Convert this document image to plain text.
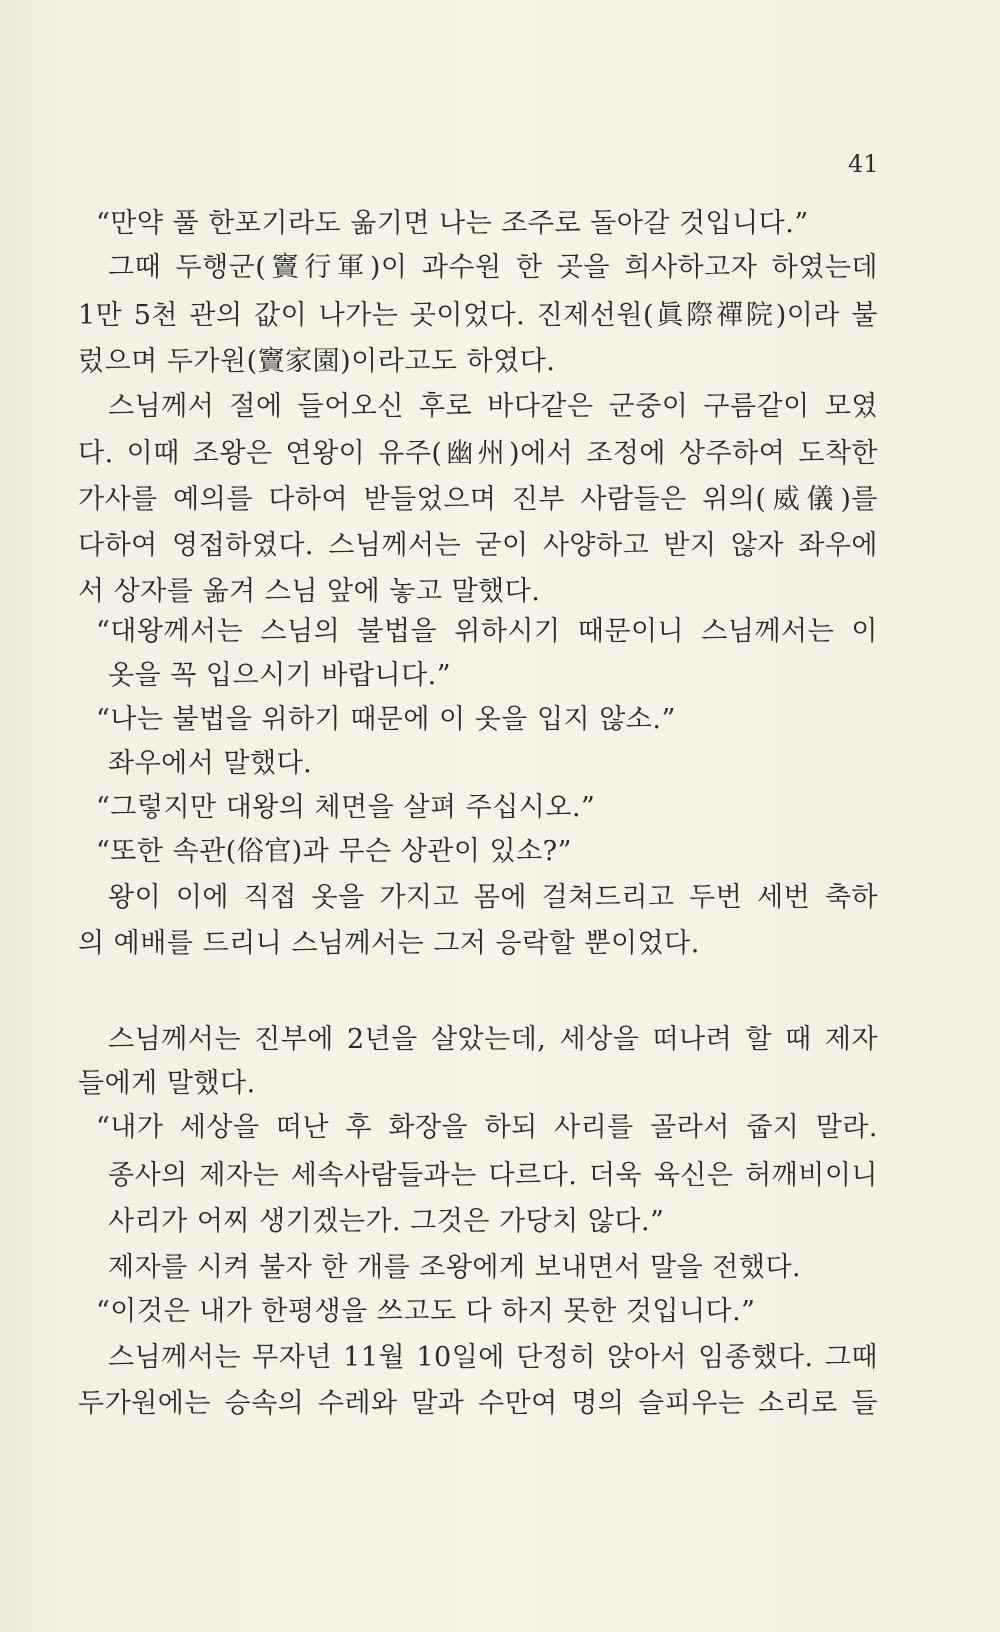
41
“만약 풀 한포기라도 옮기면 나는 조주로 돌아갈 것입니다.”
그때 두행군(竇行軍)이 과수원 한 곳을 희사하고자 하였는데
1만 5천 관의 값이 나가는 곳이었다. 진제선원(眞際禪院)이라 불
렀으며 두가원(竇家園)이라고도 하였다.
스님께서 절에 들어오신 후로 바다같은 군중이 구름같이 모였
다. 이때 조왕은 연왕이 유주(幽州)에서 조정에 상주하여 도착한
가사를 예의를 다하여 받들었으며 진부 사람들은 위의(威儀)를
다하여 영접하였다. 스님께서는 굳이 사양하고 받지 않자 좌우에
서 상자를 옮겨 스님 앞에 놓고 말했다.
“대왕께서는 스님의 불법을 위하시기 때문이니 스님께서는 이
옷을 꼭 입으시기 바랍니다.”
“나는 불법을 위하기 때문에 이 옷을 입지 않소.”
좌우에서 말했다.
“그렇지만 대왕의 체면을 살펴 주십시오.”
“또한 속관(俗官)과 무슨 상관이 있소?”
왕이 이에 직접 옷을 가지고 몸에 걸쳐드리고 두번 세번 축하
의 예배를 드리니 스님께서는 그저 응락할 뿐이었다.
스님께서는 진부에 2년을 살았는데, 세상을 떠나려 할 때 제자
들에게 말했다.
“내가 세상을 떠난 후 화장을 하되 사리를 골라서 줍지 말라.
종사의 제자는 세속사람들과는 다르다. 더욱 육신은 허깨비이니
사리가 어찌 생기겠는가. 그것은 가당치 않다.”
제자를 시켜 불자 한 개를 조왕에게 보내면서 말을 전했다.
“이것은 내가 한평생을 쓰고도 다 하지 못한 것입니다.”
스님께서는 무자년 11월 10일에 단정히 앉아서 임종했다. 그때
두가원에는 승속의 수레와 말과 수만여 명의 슬피우는 소리로 들
